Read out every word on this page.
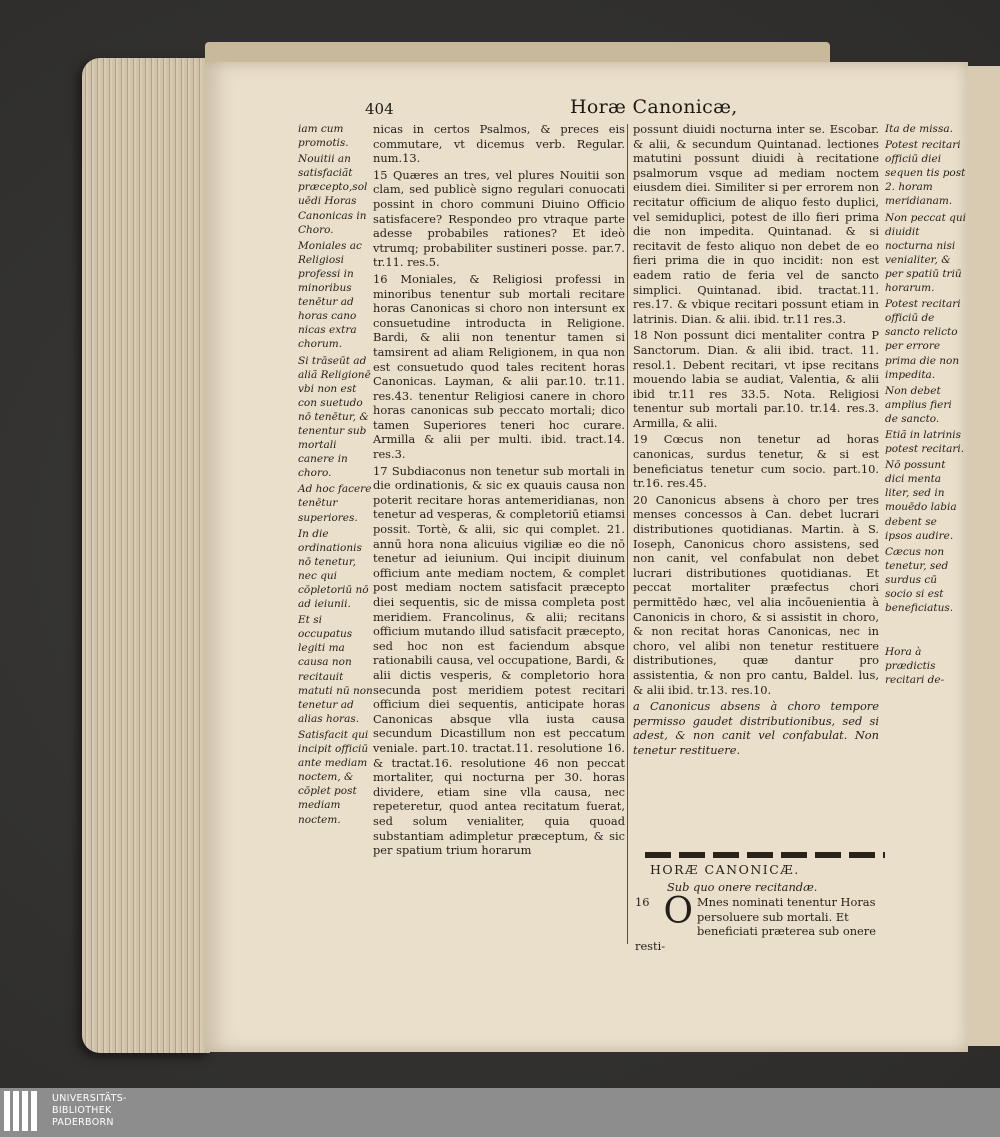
404	Horæ Canonicæ,

iam cum promotis.

Nouitii an satisfaciãt præcepto,sol uēdi Horas Canonicas in Choro.

Moniales ac Religiosi professi in minoribus tenētur ad horas cano nicas extra chorum.

Si trāseūt ad aliã Religionē vbi non est con suetudo nō tenētur, & tenentur sub mortali canere in choro.

Ad hoc facere tenētur superiores.

In die ordinationis nō tenetur, nec qui cōpletoriū nō ad ieiunii.

Et si occupatus legiti ma causa non recitauit matuti nū non tenetur ad alias horas.

Satisfacit qui incipit officiū ante mediam noctem, & cōplet post mediam noctem.

nicas in certos Psalmos, & preces eis commutare, vt dicemus verb. Regular. num.13.

15 Quæres an tres, vel plures Nouitii son clam, sed publicè signo regulari conuocati possint in choro communi Diuino Officio satisfacere? Respondeo pro vtraque parte adesse probabiles rationes? Et ideò vtrumq; probabiliter sustineri posse. par.7. tr.11. res.5.

16 Moniales, & Religiosi professi in minoribus tenentur sub mortali recitare horas Canonicas si choro non intersunt ex consuetudine introducta in Religione. Bardi, & alii non tenentur tamen si tamsirent ad aliam Religionem, in qua non est consuetudo quod tales recitent horas Canonicas. Layman, & alii par.10. tr.11. res.43. tenentur Religiosi canere in choro horas canonicas sub peccato mortali; dico tamen Superiores teneri hoc curare. Armilla & alii per multi. ibid. tract.14. res.3.

17 Subdiaconus non tenetur sub mortali in die ordinationis, & sic ex quauis causa non poterit recitare horas antemeridianas, non tenetur ad vesperas, & completoriū etiamsi possit. Tortè, & alii, sic qui complet. 21. annū hora nona alicuius vigiliæ eo die nō tenetur ad ieiunium. Qui incipit diuinum officium ante mediam noctem, & complet post mediam noctem satisfacit præcepto diei sequentis, sic de missa completa post meridiem. Francolinus, & alii; recitans officium mutando illud satisfacit præcepto, sed hoc non est faciendum absque rationabili causa, vel occupatione, Bardi, & alii dictis vesperis, & completorio hora secunda post meridiem potest recitari officium diei sequentis, anticipate horas Canonicas absque vlla iusta causa secundum Dicastillum non est peccatum veniale. part.10. tractat.11. resolutione 16. & tractat.16. resolutione 46 non peccat mortaliter, qui nocturna per 30. horas dividere, etiam sine vlla causa, nec repeteretur, quod antea recitatum fuerat, sed solum venialiter, quia quoad substantiam adimpletur præceptum, & sic per spatium trium horarum

possunt diuidi nocturna inter se. Escobar. & alii, & secundum Quintanad. lectiones matutini possunt diuidi à recitatione psalmorum vsque ad mediam noctem eiusdem diei. Similiter si per errorem non recitatur officium de aliquo festo duplici, vel semiduplici, potest de illo fieri prima die non impedita. Quintanad. & si recitavit de festo aliquo non debet de eo fieri prima die in quo incidit: non est eadem ratio de feria vel de sancto simplici. Quintanad. ibid. tractat.11. res.17. & vbique recitari possunt etiam in latrinis. Dian. & alii. ibid. tr.11 res.3.

18 Non possunt dici mentaliter contra P Sanctorum. Dian. & alii ibid. tract. 11. resol.1. Debent recitari, vt ipse recitans mouendo labia se audiat, Valentia, & alii ibid tr.11 res 33.5. Nota. Religiosi tenentur sub mortali par.10. tr.14. res.3. Armilla, & alii.

19 Cœcus non tenetur ad horas canonicas, surdus tenetur, & si est beneficiatus tenetur cum socio. part.10. tr.16. res.45.

20 Canonicus absens à choro per tres menses concessos à Can. debet lucrari distributiones quotidianas. Martin. à S. Ioseph, Canonicus choro assistens, sed non canit, vel confabulat non debet lucrari distributiones quotidianas. Et peccat mortaliter præfectus chori permittēdo hæc, vel alia incōuenientia à Canonicis in choro, & si assistit in choro, & non recitat horas Canonicas, nec in choro, vel alibi non tenetur restituere distributiones, quæ dantur pro assistentia, & non pro cantu, Baldel. lus, & alii ibid. tr.13. res.10.

a Canonicus absens à choro tempore permisso gaudet distributionibus, sed si adest, & non canit vel confabulat. Non tenetur restituere.

Ita de missa.

Potest recitari officiū diei sequen tis post 2. horam meridianam.

Non peccat qui diuidit nocturna nisi venialiter, & per spatiū triū horarum.

Potest recitari officiū de sancto relicto per errore prima die non impedita.

Non debet amplius fieri de sancto.

Etiã in latrinis potest recitari.

Nō possunt dici menta liter, sed in mouēdo labia debent se ipsos audire.

Cæcus non tenetur, sed surdus cū socio si est beneficiatus.

Hora à prædictis recitari de-

HORÆ CANONICÆ.
Sub quo onere recitandæ.
16 O Mnes nominati tenentur Horas persoluere sub mortali. Et beneficiati præterea sub onere resti-
UNIVERSITÄTS-
BIBLIOTHEK
PADERBORN
